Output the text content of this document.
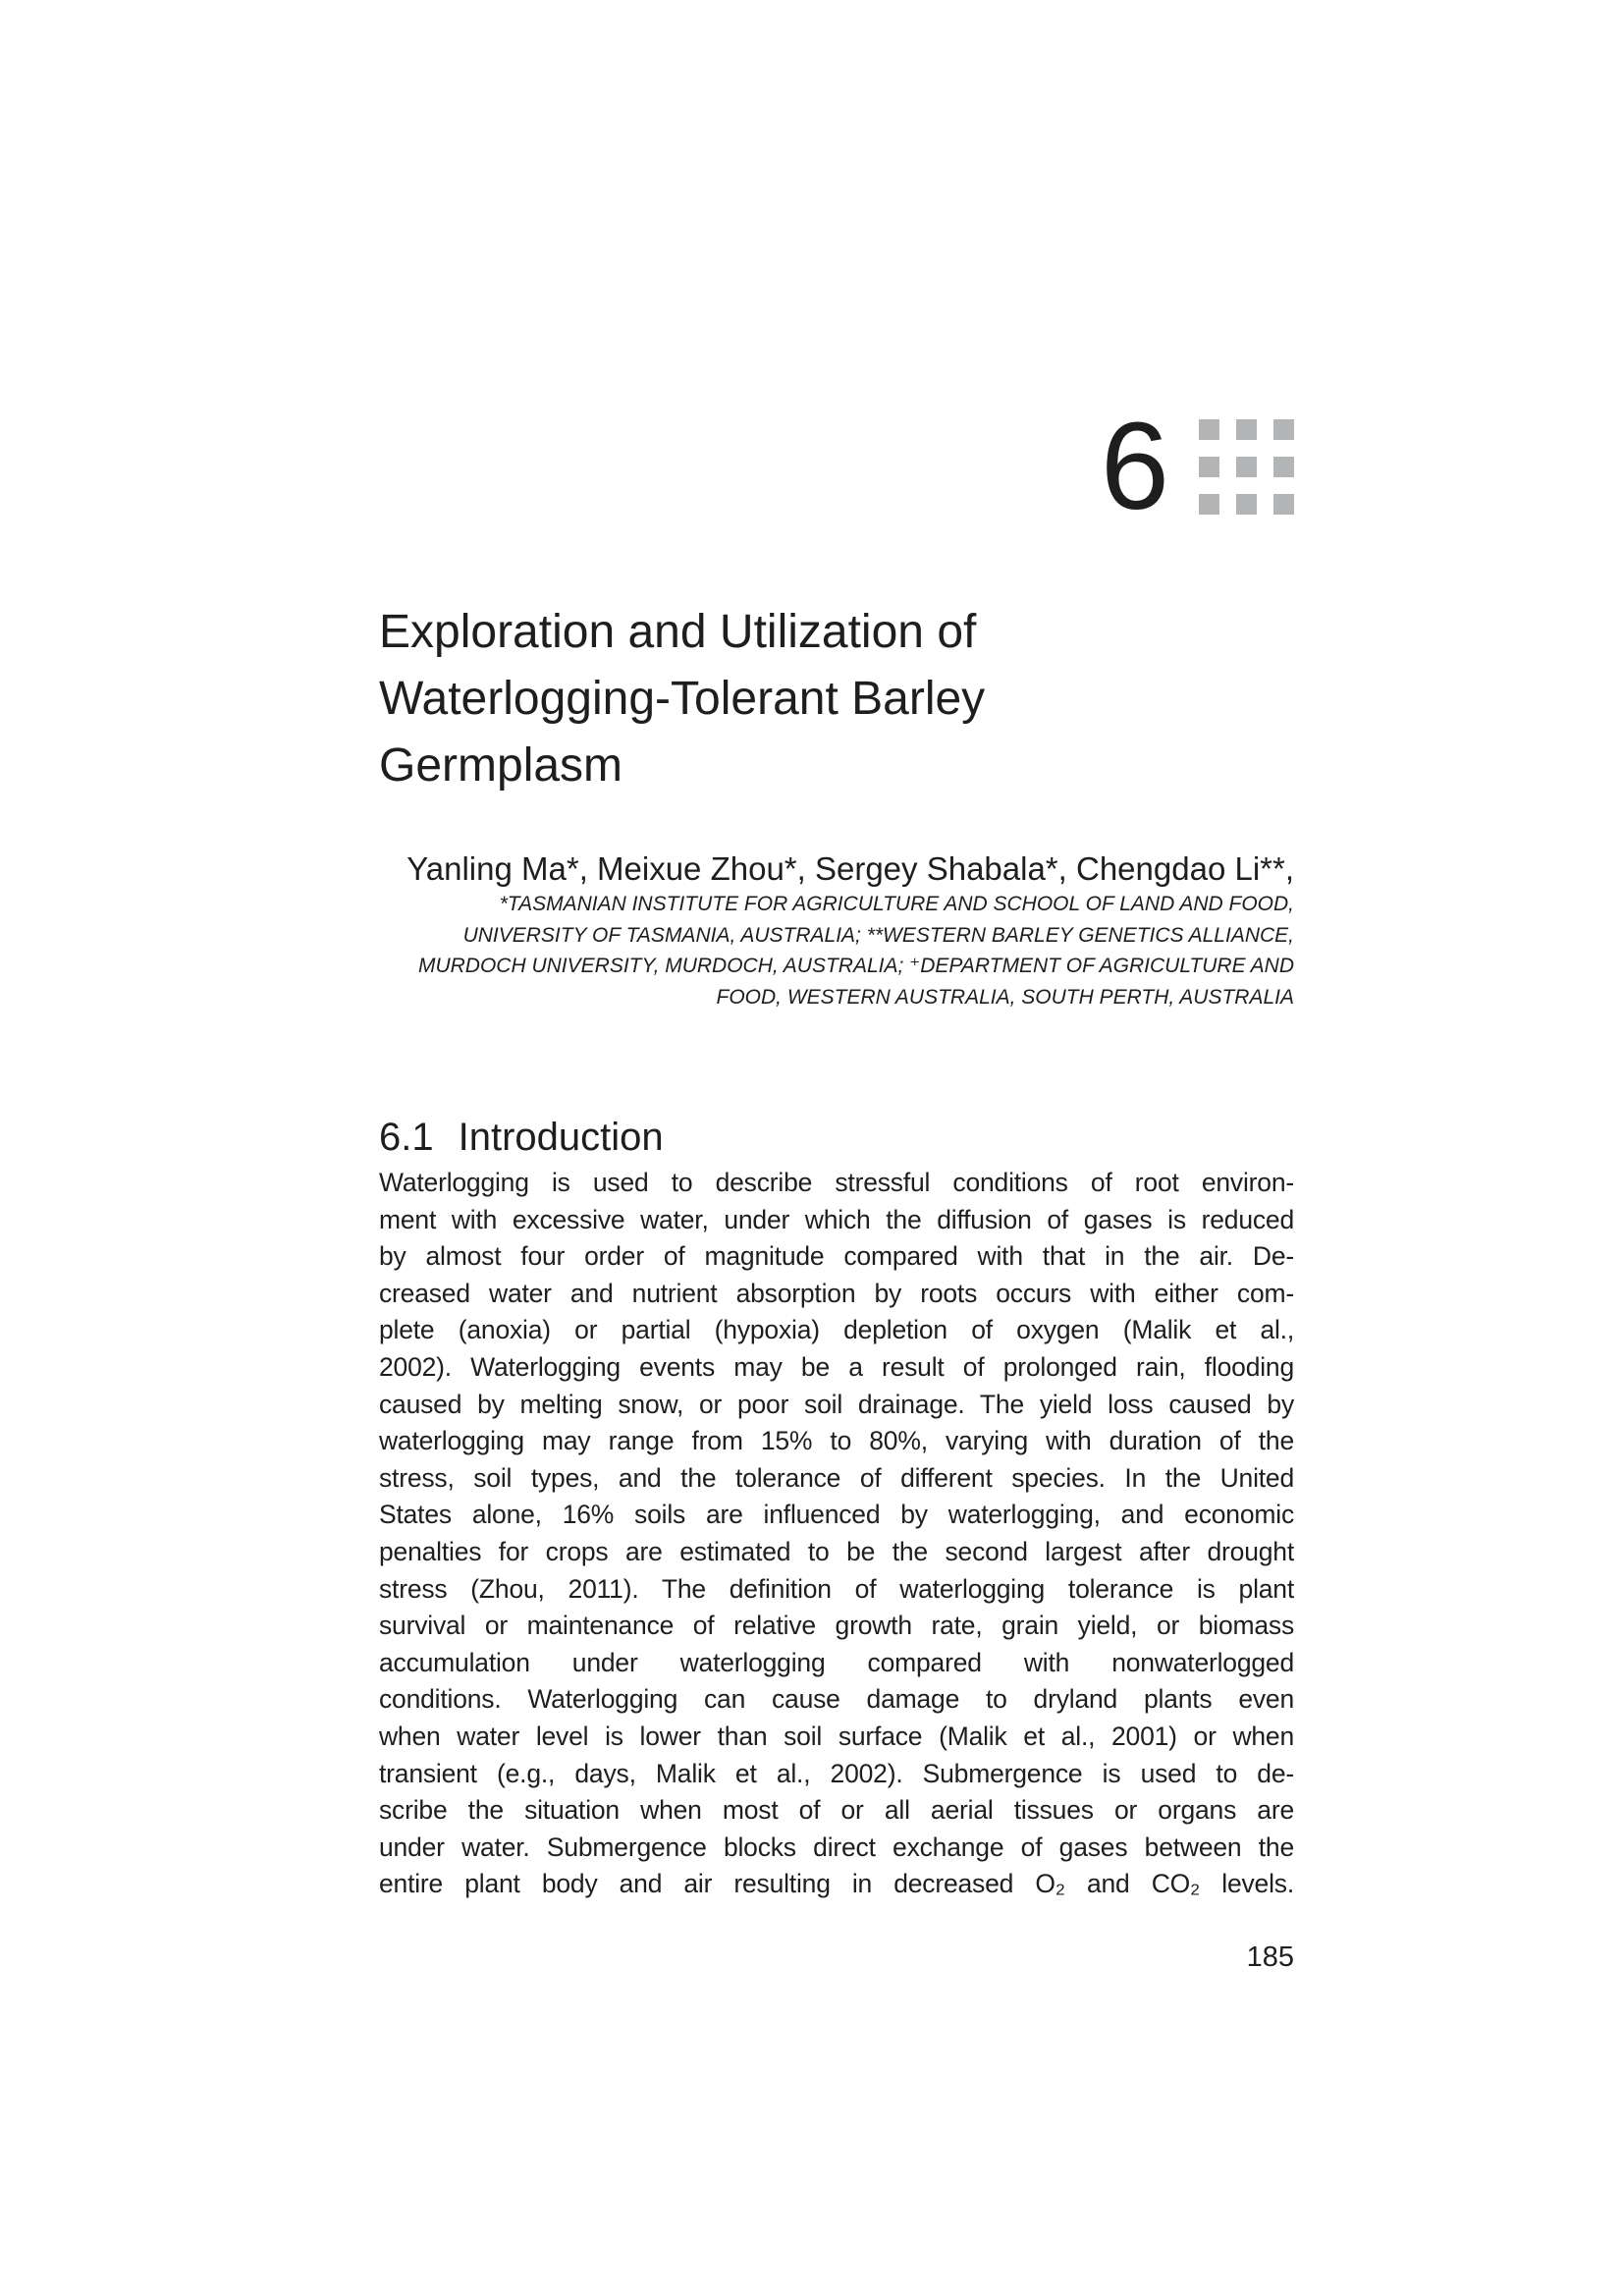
6
Exploration and Utilization of
Waterlogging-Tolerant Barley
Germplasm
Yanling Ma*, Meixue Zhou*, Sergey Shabala*, Chengdao Li**,
*TASMANIAN INSTITUTE FOR AGRICULTURE AND SCHOOL OF LAND AND FOOD,
UNIVERSITY OF TASMANIA, AUSTRALIA; **WESTERN BARLEY GENETICS ALLIANCE,
MURDOCH UNIVERSITY, MURDOCH, AUSTRALIA; ⁺DEPARTMENT OF AGRICULTURE AND
FOOD, WESTERN AUSTRALIA, SOUTH PERTH, AUSTRALIA
6.1 Introduction
Waterlogging is used to describe stressful conditions of root environ-
ment with excessive water, under which the diffusion of gases is reduced
by almost four order of magnitude compared with that in the air. De-
creased water and nutrient absorption by roots occurs with either com-
plete (anoxia) or partial (hypoxia) depletion of oxygen (Malik et al.,
2002). Waterlogging events may be a result of prolonged rain, flooding
caused by melting snow, or poor soil drainage. The yield loss caused by
waterlogging may range from 15% to 80%, varying with duration of the
stress, soil types, and the tolerance of different species. In the United
States alone, 16% soils are influenced by waterlogging, and economic
penalties for crops are estimated to be the second largest after drought
stress (Zhou, 2011). The definition of waterlogging tolerance is plant
survival or maintenance of relative growth rate, grain yield, or biomass
accumulation under waterlogging compared with nonwaterlogged
conditions. Waterlogging can cause damage to dryland plants even
when water level is lower than soil surface (Malik et al., 2001) or when
transient (e.g., days, Malik et al., 2002). Submergence is used to de-
scribe the situation when most of or all aerial tissues or organs are
under water. Submergence blocks direct exchange of gases between the
entire plant body and air resulting in decreased O₂ and CO₂ levels.
185
